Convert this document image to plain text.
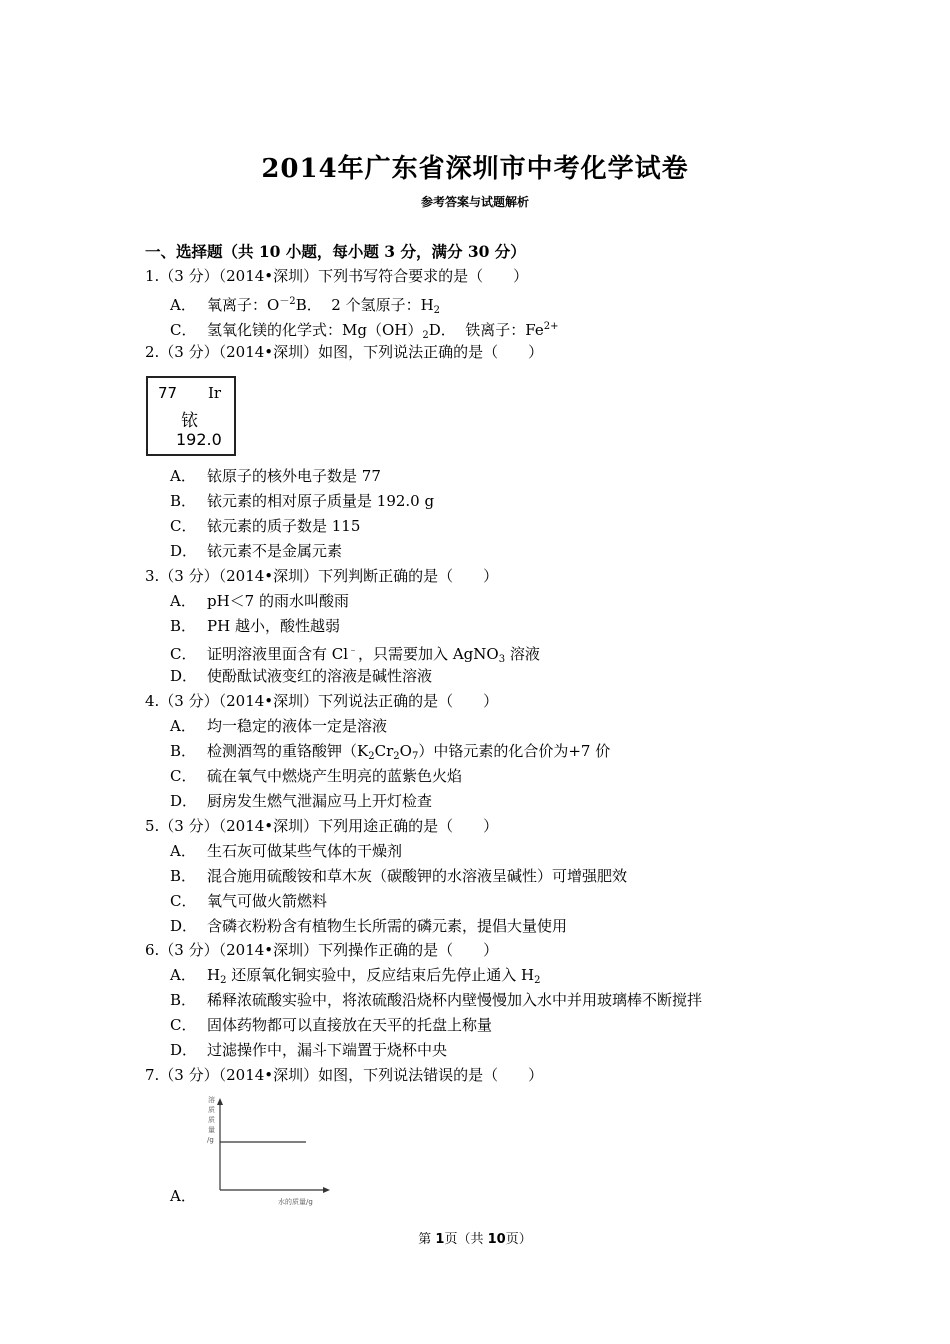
2014年广东省深圳市中考化学试卷
参考答案与试题解析
一、选择题（共 10 小题，每小题 3 分，满分 30 分）
1.（3 分）（2014•深圳）下列书写符合要求的是（　　）
A． 氧离子：$O^{-2}B$． 2 个氢原子：$H_2$
C． 氢氧化镁的化学式：$Mg(OH)_2D$． 铁离子：$Fe^{2+}$
2.（3 分）（2014•深圳）如图，下列说法正确的是（　　）
77 Ir
铱
192.0
A． 铱原子的核外电子数是 77
B． 铱元素的相对原子质量是 192.0 g
C． 铱元素的质子数是 115
D． 铱元素不是金属元素
3.（3 分）（2014•深圳）下列判断正确的是（　　）
A． pH＜7 的雨水叫酸雨
B． PH 越小，酸性越弱
C． 证明溶液里面含有 Cl﹣，只需要加入 AgNO$_3$ 溶液
D． 使酚酞试液变红的溶液是碱性溶液
4.（3 分）（2014•深圳）下列说法正确的是（　　）
A． 均一稳定的液体一定是溶液
B． 检测酒驾的重铬酸钾$(K_2Cr_2O_7)$中铬元素的化合价为+7 价
C． 硫在氧气中燃烧产生明亮的蓝紫色火焰
D． 厨房发生燃气泄漏应马上开灯检查
5.（3 分）（2014•深圳）下列用途正确的是（　　）
A． 生石灰可做某些气体的干燥剂
B． 混合施用硫酸铵和草木灰（碳酸钾的水溶液呈碱性）可增强肥效
C． 氧气可做火箭燃料
D． 含磷衣粉粉含有植物生长所需的磷元素，提倡大量使用
6.（3 分）（2014•深圳）下列操作正确的是（　　）
A． $H_2$ 还原氧化铜实验中，反应结束后先停止通入 $H_2$
B． 稀释浓硫酸实验中，将浓硫酸沿烧杯内壁慢慢加入水中并用玻璃棒不断搅拌
C． 固体药物都可以直接放在天平的托盘上称量
D． 过滤操作中，漏斗下端置于烧杯中央
7.（3 分）（2014•深圳）如图，下列说法错误的是（　　）
溶
质
质
量
/g
水的质量/g
A．
第 1页（共 10页）
